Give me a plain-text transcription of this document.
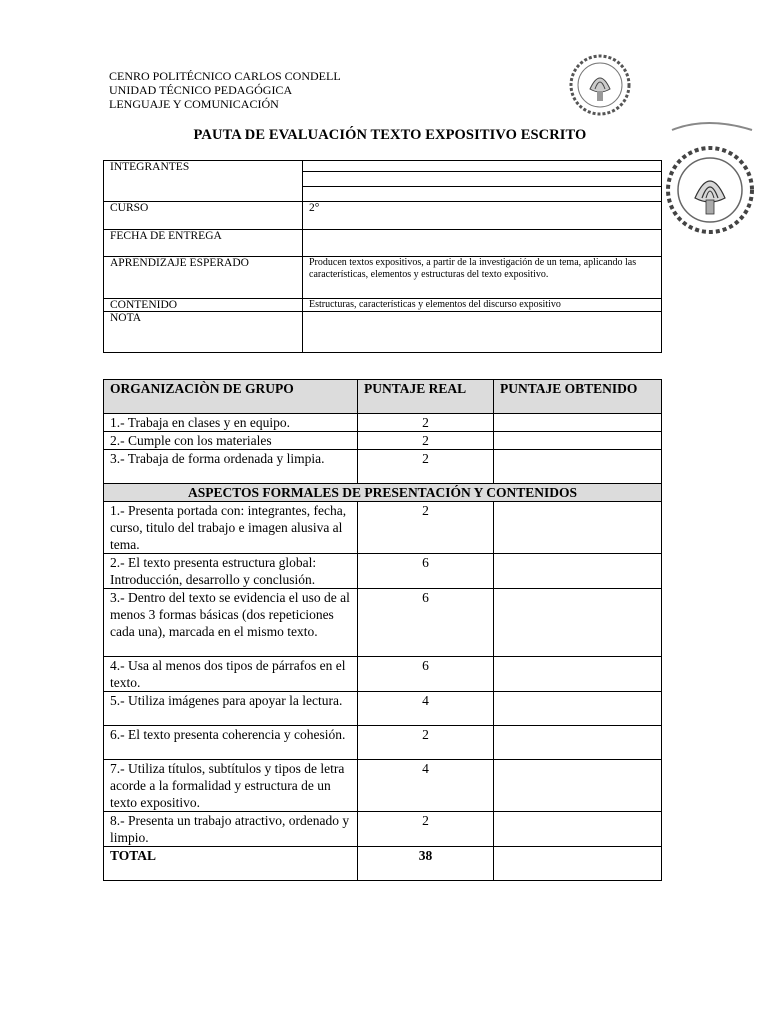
CENRO POLITÉCNICO CARLOS CONDELL
UNIDAD TÉCNICO PEDAGÓGICA
LENGUAJE Y COMUNICACIÓN
PAUTA DE EVALUACIÓN TEXTO EXPOSITIVO ESCRITO
INTEGRANTES	

CURSO	2°
FECHA DE ENTREGA	
APRENDIZAJE ESPERADO	Producen textos expositivos, a partir de la investigación de un tema, aplicando las características, elementos y estructuras del texto expositivo.
CONTENIDO	Estructuras, características y elementos del discurso expositivo
NOTA	
ORGANIZACIÒN DE GRUPO	PUNTAJE REAL	PUNTAJE OBTENIDO
1.- Trabaja en clases y en equipo.	2	
2.- Cumple con los materiales	2	
3.- Trabaja de forma ordenada y limpia.	2	
ASPECTOS FORMALES DE PRESENTACIÓN Y CONTENIDOS		
1.- Presenta portada con: integrantes, fecha, curso, titulo del trabajo e imagen alusiva al tema.	2	
2.- El texto presenta estructura global: Introducción, desarrollo y conclusión.	6	
3.- Dentro del texto se evidencia el uso de al menos 3 formas básicas (dos repeticiones cada una), marcada en el mismo texto.	6	
4.- Usa al menos dos tipos de párrafos en el texto.	6	
5.- Utiliza imágenes para apoyar la lectura.	4	
6.- El texto presenta coherencia y cohesión.	2	
7.- Utiliza títulos, subtítulos y tipos de letra acorde a la formalidad y estructura de un texto expositivo.	4	
8.- Presenta un trabajo atractivo, ordenado y limpio.	2	
TOTAL	38	
